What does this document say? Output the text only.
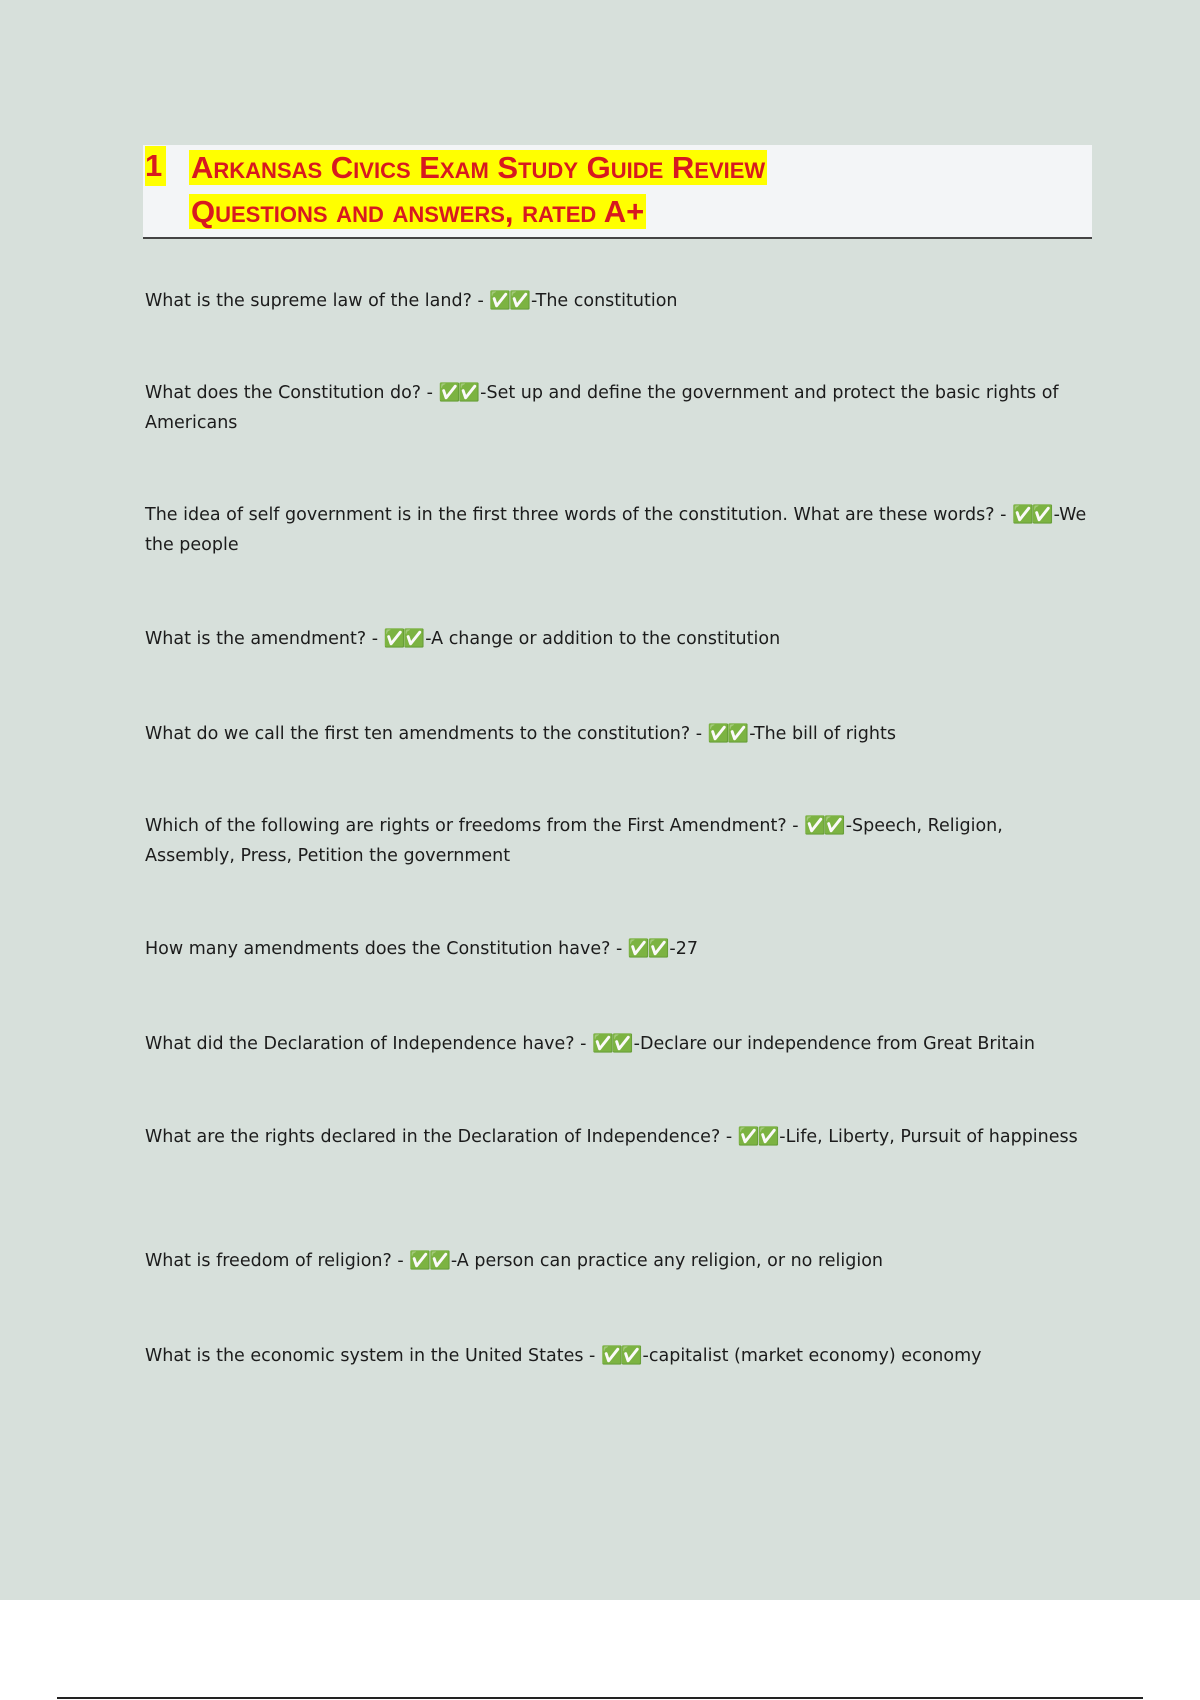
1 Arkansas Civics Exam Study Guide Review
Questions and answers, rated A+

What is the supreme law of the land? - ✅✅ -The constitution

What does the Constitution do? - ✅✅ -Set up and define the government and protect the basic rights of Americans

The idea of self government is in the first three words of the constitution. What are these words? - ✅✅ -We the people

What is the amendment? - ✅✅ -A change or addition to the constitution

What do we call the first ten amendments to the constitution? - ✅✅ -The bill of rights

Which of the following are rights or freedoms from the First Amendment? - ✅✅ -Speech, Religion, Assembly, Press, Petition the government

How many amendments does the Constitution have? - ✅✅ -27

What did the Declaration of Independence have? - ✅✅ -Declare our independence from Great Britain

What are the rights declared in the Declaration of Independence? - ✅✅ -Life, Liberty, Pursuit of happiness

What is freedom of religion? - ✅✅ -A person can practice any religion, or no religion

What is the economic system in the United States - ✅✅ -capitalist (market economy) economy
